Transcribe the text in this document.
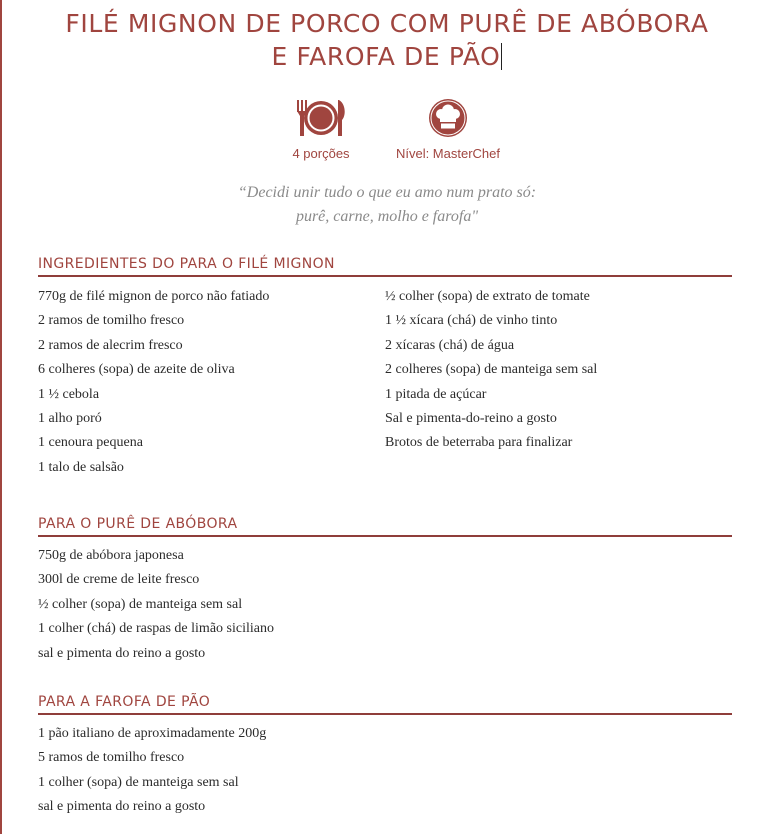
FILÉ MIGNON DE PORCO COM PURÊ DE ABÓBORA
E FAROFA DE PÃO
4 porções	Nível: MasterChef
“Decidi unir tudo o que eu amo num prato só:
purê, carne, molho e farofa"
INGREDIENTES DO PARA O FILÉ MIGNON
770g de filé mignon de porco não fatiado
2 ramos de tomilho fresco
2 ramos de alecrim fresco
6 colheres (sopa) de azeite de oliva
1 ½ cebola
1 alho poró
1 cenoura pequena
1 talo de salsão
½ colher (sopa) de extrato de tomate
1 ½ xícara (chá) de vinho tinto
2 xícaras (chá) de água
2 colheres (sopa) de manteiga sem sal
1 pitada de açúcar
Sal e pimenta-do-reino a gosto
Brotos de beterraba para finalizar
PARA O PURÊ DE ABÓBORA
750g de abóbora japonesa
300l de creme de leite fresco
½ colher (sopa) de manteiga sem sal
1 colher (chá) de raspas de limão siciliano
sal e pimenta do reino a gosto
PARA A FAROFA DE PÃO
1 pão italiano de aproximadamente 200g
5 ramos de tomilho fresco
1 colher (sopa) de manteiga sem sal
sal e pimenta do reino a gosto
